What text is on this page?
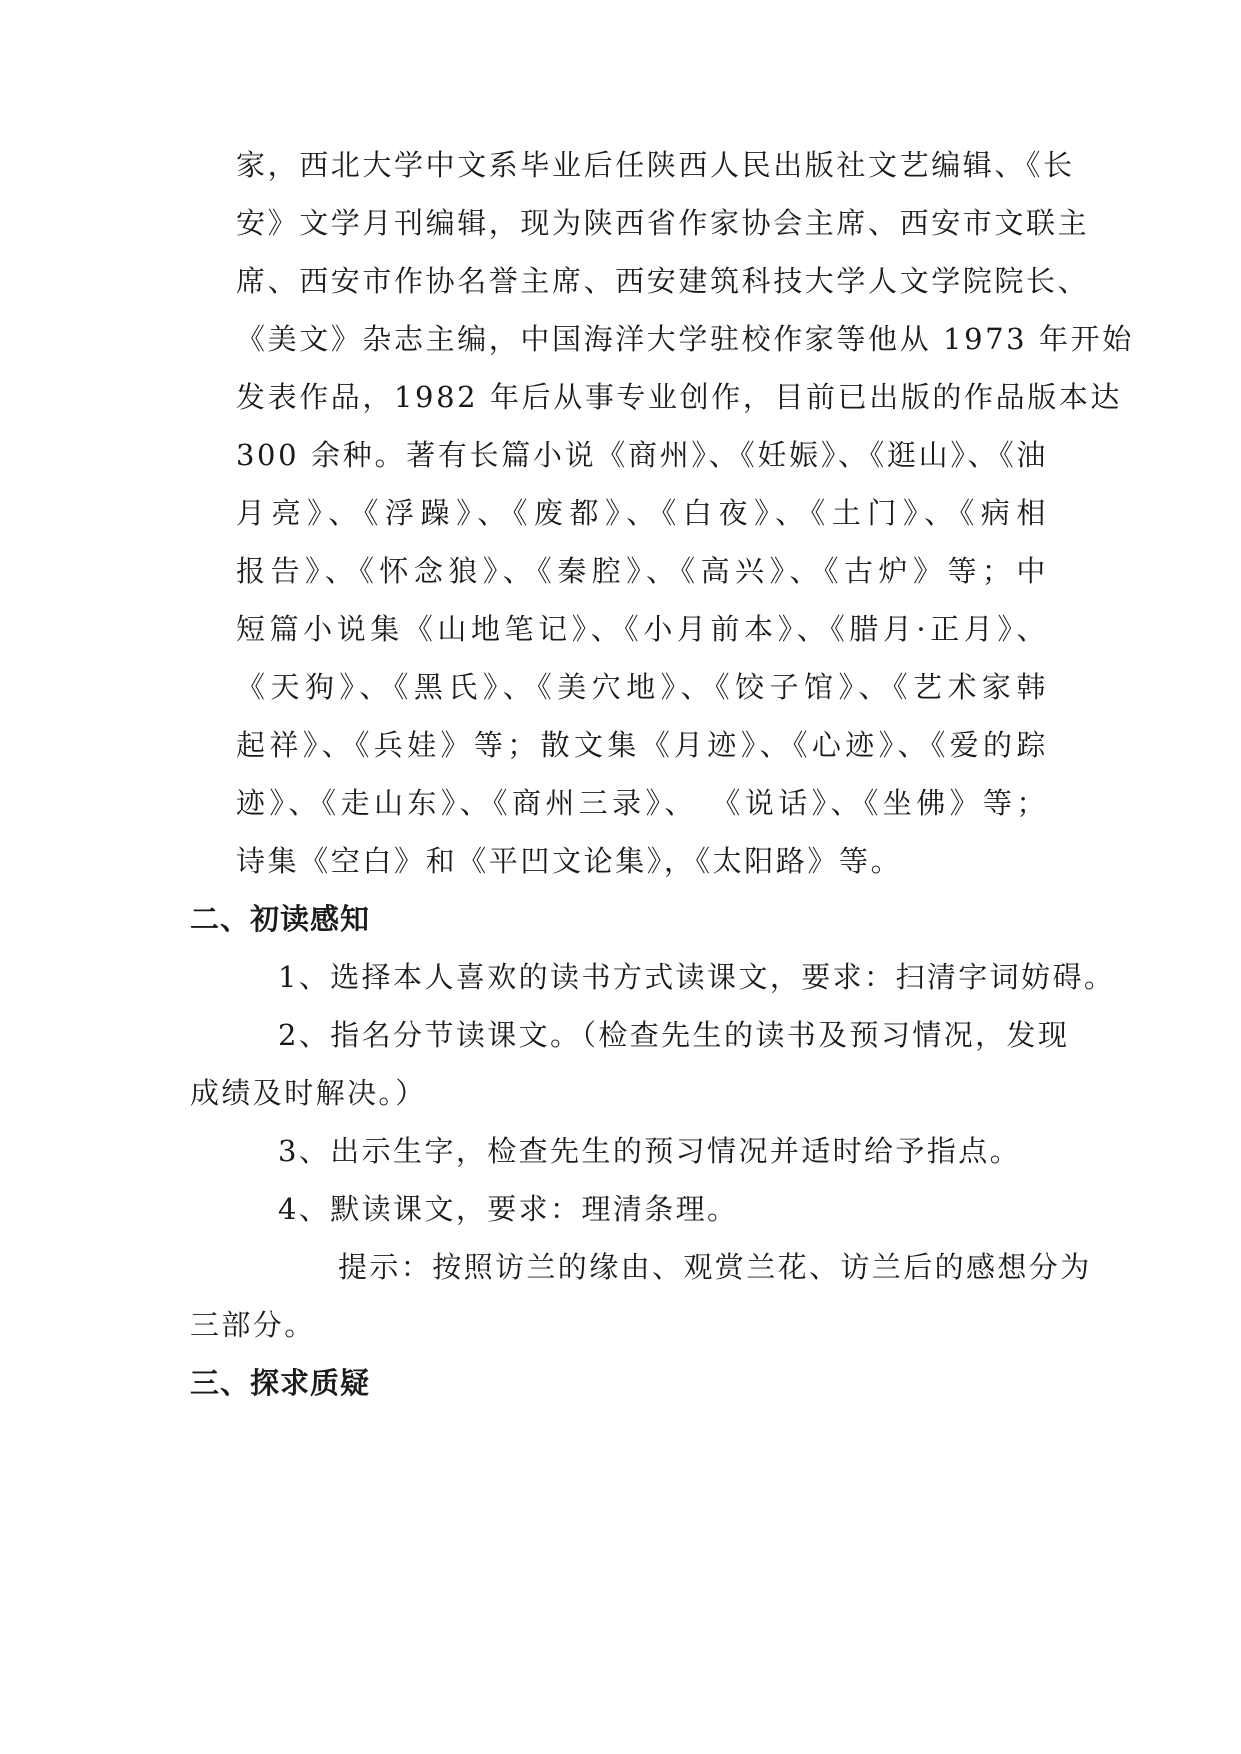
家，西北大学中文系毕业后任陕西人民出版社文艺编辑、《长
安》文学月刊编辑，现为陕西省作家协会主席、西安市文联主
席、西安市作协名誉主席、西安建筑科技大学人文学院院长、
《美文》杂志主编，中国海洋大学驻校作家等他从 1973 年开始
发表作品，1982 年后从事专业创作，目前已出版的作品版本达
300 余种。著有长篇小说《商州》、《妊娠》、《逛山》、《油
月亮》、《浮躁》、《废都》、《白夜》、《土门》、《病相
报告》、《怀念狼》、《秦腔》、《高兴》、《古炉》等；中
短篇小说集《山地笔记》、《小月前本》、《腊月·正月》、
《天狗》、《黑氏》、《美穴地》、《饺子馆》、《艺术家韩
起祥》、《兵娃》等；散文集《月迹》、《心迹》、《爱的踪
迹》、《走山东》、《商州三录》、 《说话》、《坐佛》等；
诗集《空白》和《平凹文论集》，《太阳路》等。
二、初读感知
1、选择本人喜欢的读书方式读课文，要求：扫清字词妨碍。
2、指名分节读课文。（检查先生的读书及预习情况，发现
成绩及时解决。）
3、出示生字，检查先生的预习情况并适时给予指点。
4、默读课文，要求：理清条理。
提示：按照访兰的缘由、观赏兰花、访兰后的感想分为
三部分。
三、探求质疑
